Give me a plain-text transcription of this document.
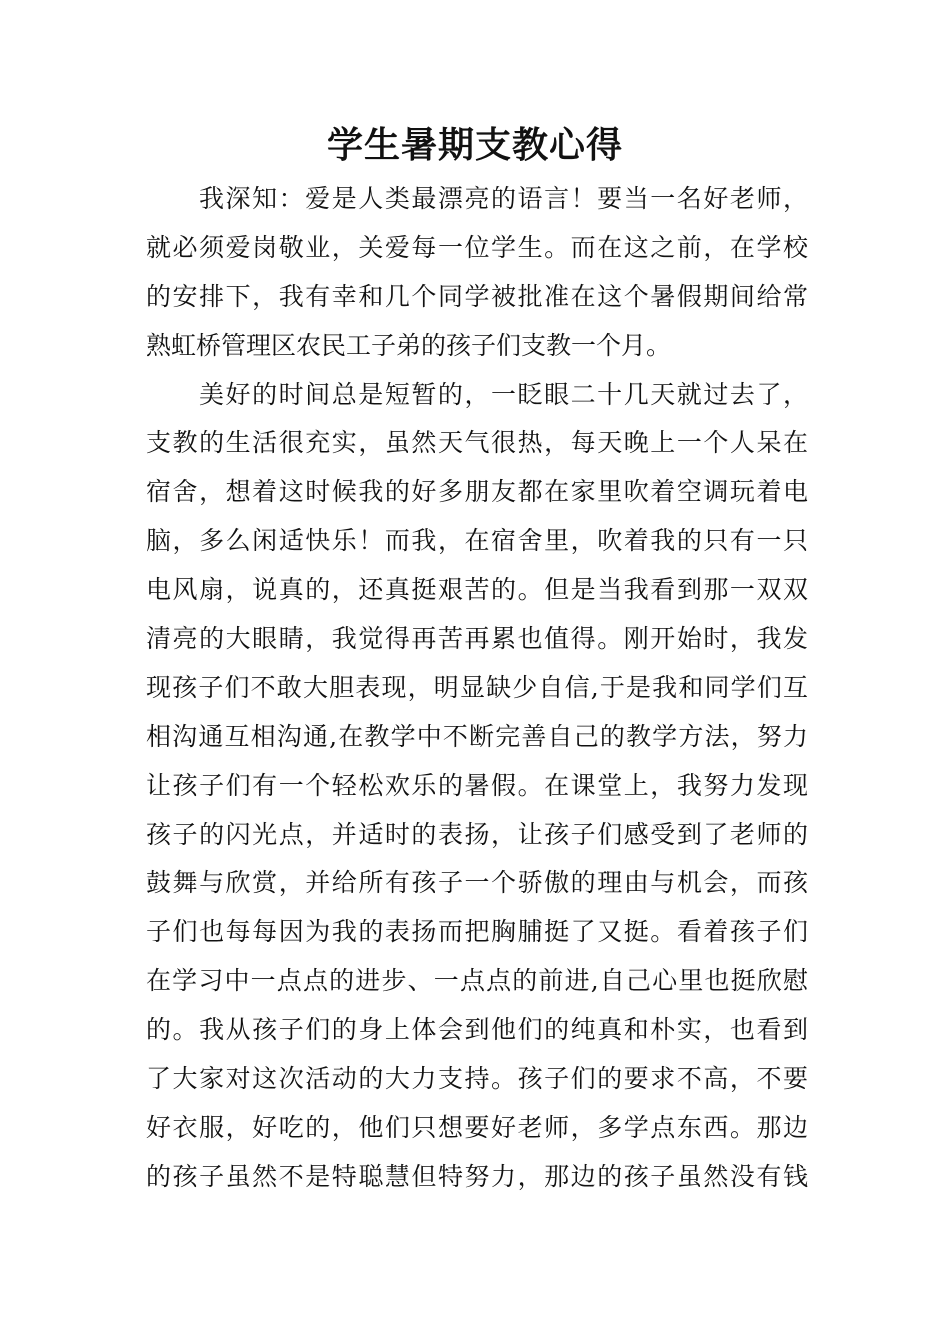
学生暑期支教心得
我深知：爱是人类最漂亮的语言！要当一名好老师，
就必须爱岗敬业，关爱每一位学生。而在这之前，在学校
的安排下，我有幸和几个同学被批准在这个暑假期间给常
熟虹桥管理区农民工子弟的孩子们支教一个月。
美好的时间总是短暂的，一眨眼二十几天就过去了，
支教的生活很充实，虽然天气很热，每天晚上一个人呆在
宿舍，想着这时候我的好多朋友都在家里吹着空调玩着电
脑，多么闲适快乐！而我，在宿舍里，吹着我的只有一只
电风扇，说真的，还真挺艰苦的。但是当我看到那一双双
清亮的大眼睛，我觉得再苦再累也值得。刚开始时，我发
现孩子们不敢大胆表现，明显缺少自信,于是我和同学们互
相沟通互相沟通,在教学中不断完善自己的教学方法，努力
让孩子们有一个轻松欢乐的暑假。在课堂上，我努力发现
孩子的闪光点，并适时的表扬，让孩子们感受到了老师的
鼓舞与欣赏，并给所有孩子一个骄傲的理由与机会，而孩
子们也每每因为我的表扬而把胸脯挺了又挺。看着孩子们
在学习中一点点的进步、一点点的前进,自己心里也挺欣慰
的。我从孩子们的身上体会到他们的纯真和朴实，也看到
了大家对这次活动的大力支持。孩子们的要求不高，不要
好衣服，好吃的，他们只想要好老师，多学点东西。那边
的孩子虽然不是特聪慧但特努力，那边的孩子虽然没有钱
